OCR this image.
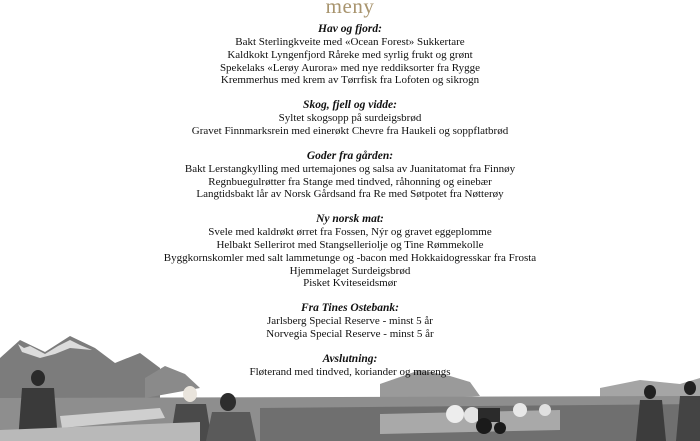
meny
Hav og fjord:
Bakt Sterlingkveite med «Ocean Forest» Sukkertare
Kaldkokt Lyngenfjord Råreke med syrlig frukt og grønt
Spekelaks «Lerøy Aurora» med nye reddiksorter fra Rygge
Kremmerhus med krem av Tørrfisk fra Lofoten og sikrogn
Skog, fjell og vidde:
Syltet skogsopp på surdeigsbrød
Gravet Finnmarksrein med einerøkt Chevre fra Haukeli og soppflatbrød
Goder fra gården:
Bakt Lerstangkylling med urtemajones og salsa av Juanitatomat fra Finnøy
Regnbuegulrøtter fra Stange med tindved, råhonning og einebær
Langtidsbakt lår av Norsk Gårdsand fra Re med Søtpotet fra Nøtterøy
Ny norsk mat:
Svele med kaldrøkt ørret fra Fossen, Nýr og gravet eggeplomme
Helbakt Sellerirot med Stangselleriolje og Tine Rømmekolle
Byggkornskomler med salt lammetunge og -bacon med Hokkaidogresskar fra Frosta
Hjemmelaget Surdeigsbrød
Pisket Kviteseidsmør
Fra Tines Ostebank:
Jarlsberg Special Reserve - minst 5 år
Norvegia Special Reserve - minst 5 år
Avslutning:
Fløterand med tindved, koriander og marengs
